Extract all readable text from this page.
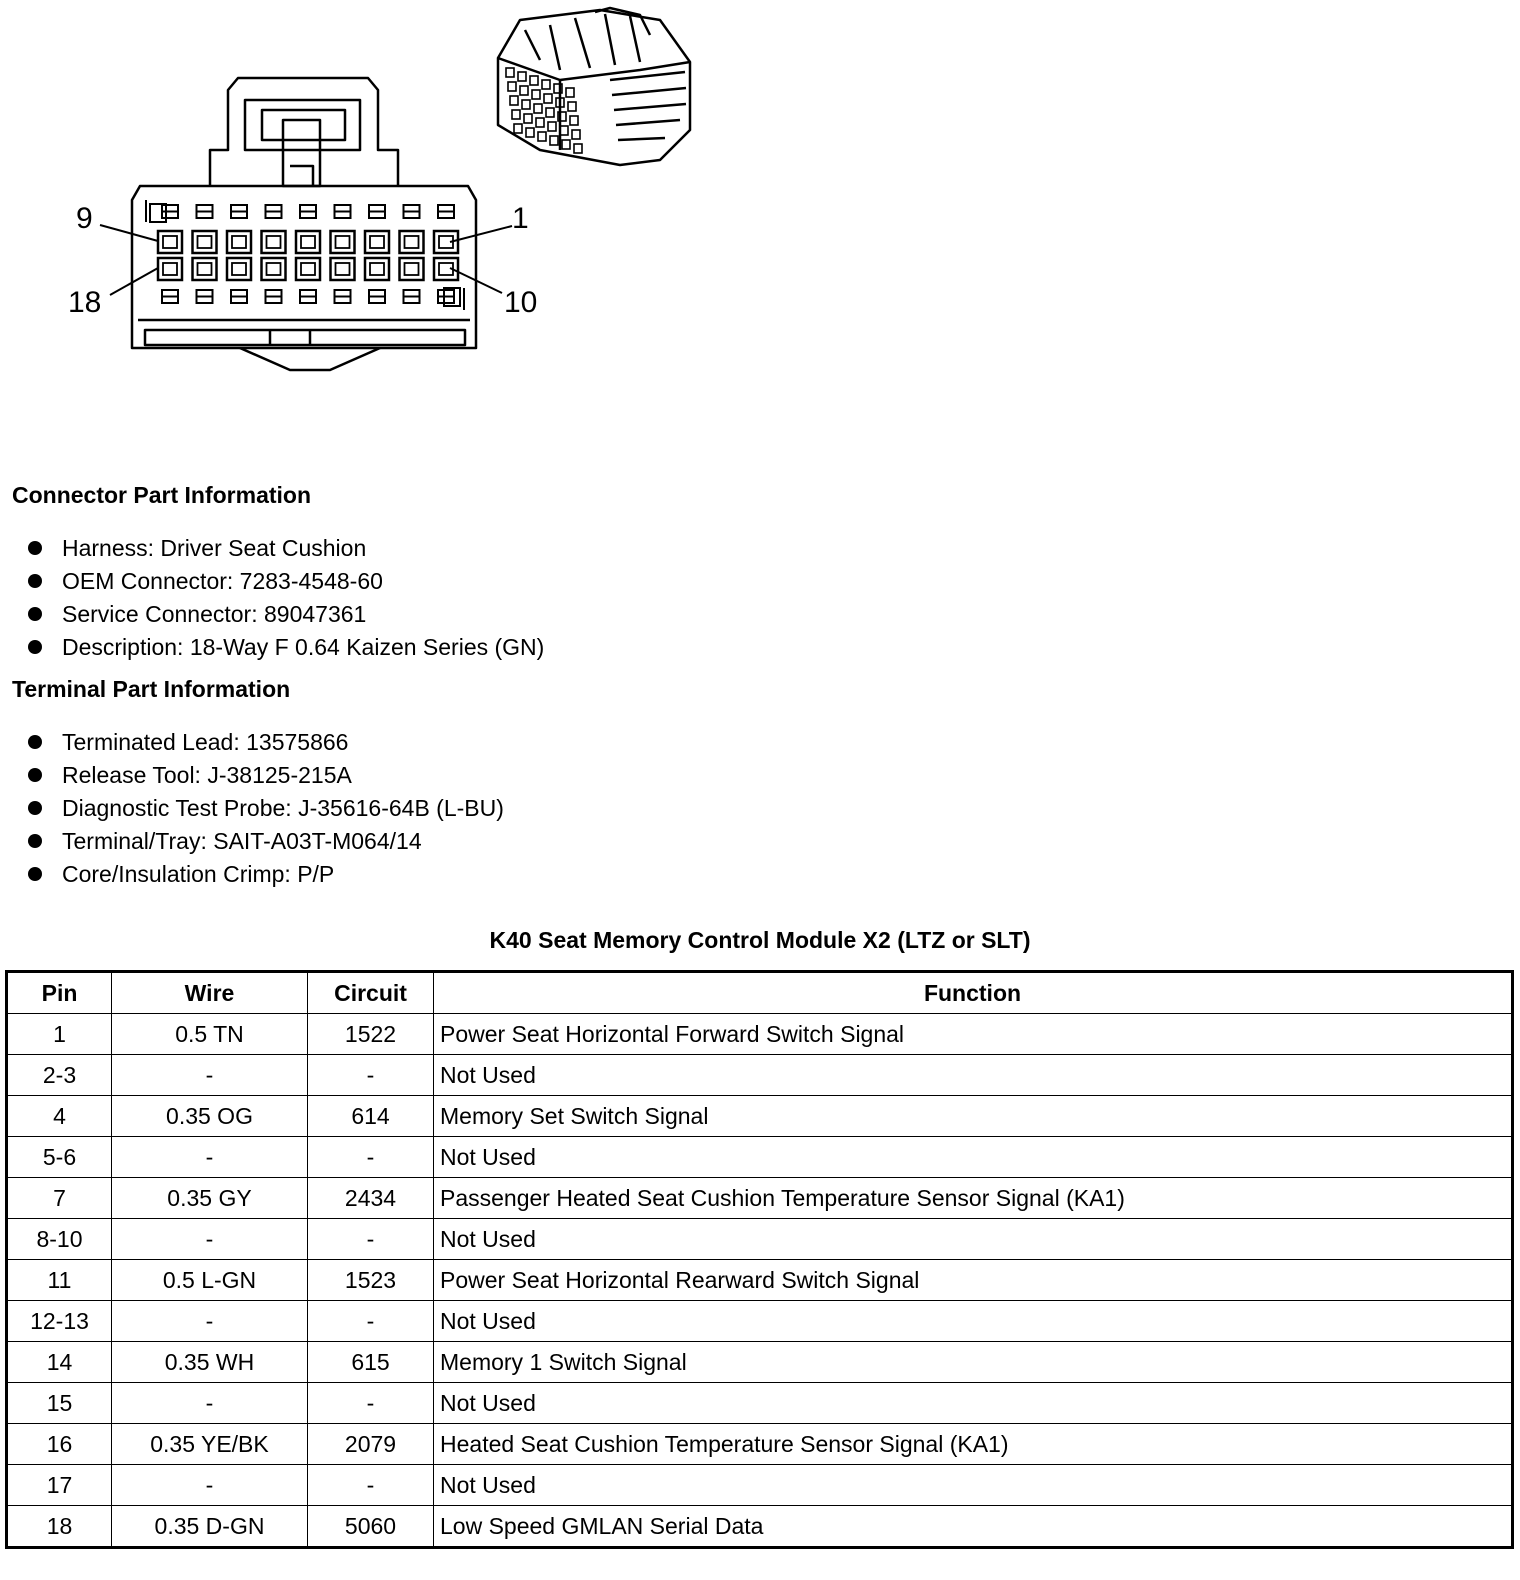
9	1
18	10
Connector Part Information
Harness: Driver Seat Cushion
OEM Connector: 7283-4548-60
Service Connector: 89047361
Description: 18-Way F 0.64 Kaizen Series (GN)
Terminal Part Information
Terminated Lead: 13575866
Release Tool: J-38125-215A
Diagnostic Test Probe: J-35616-64B (L-BU)
Terminal/Tray: SAIT-A03T-M064/14
Core/Insulation Crimp: P/P
K40 Seat Memory Control Module X2 (LTZ or SLT)
Pin	Wire	Circuit	Function
1	0.5 TN	1522	Power Seat Horizontal Forward Switch Signal
2-3	-	-	Not Used
4	0.35 OG	614	Memory Set Switch Signal
5-6	-	-	Not Used
7	0.35 GY	2434	Passenger Heated Seat Cushion Temperature Sensor Signal (KA1)
8-10	-	-	Not Used
11	0.5 L-GN	1523	Power Seat Horizontal Rearward Switch Signal
12-13	-	-	Not Used
14	0.35 WH	615	Memory 1 Switch Signal
15	-	-	Not Used
16	0.35 YE/BK	2079	Heated Seat Cushion Temperature Sensor Signal (KA1)
17	-	-	Not Used
18	0.35 D-GN	5060	Low Speed GMLAN Serial Data
